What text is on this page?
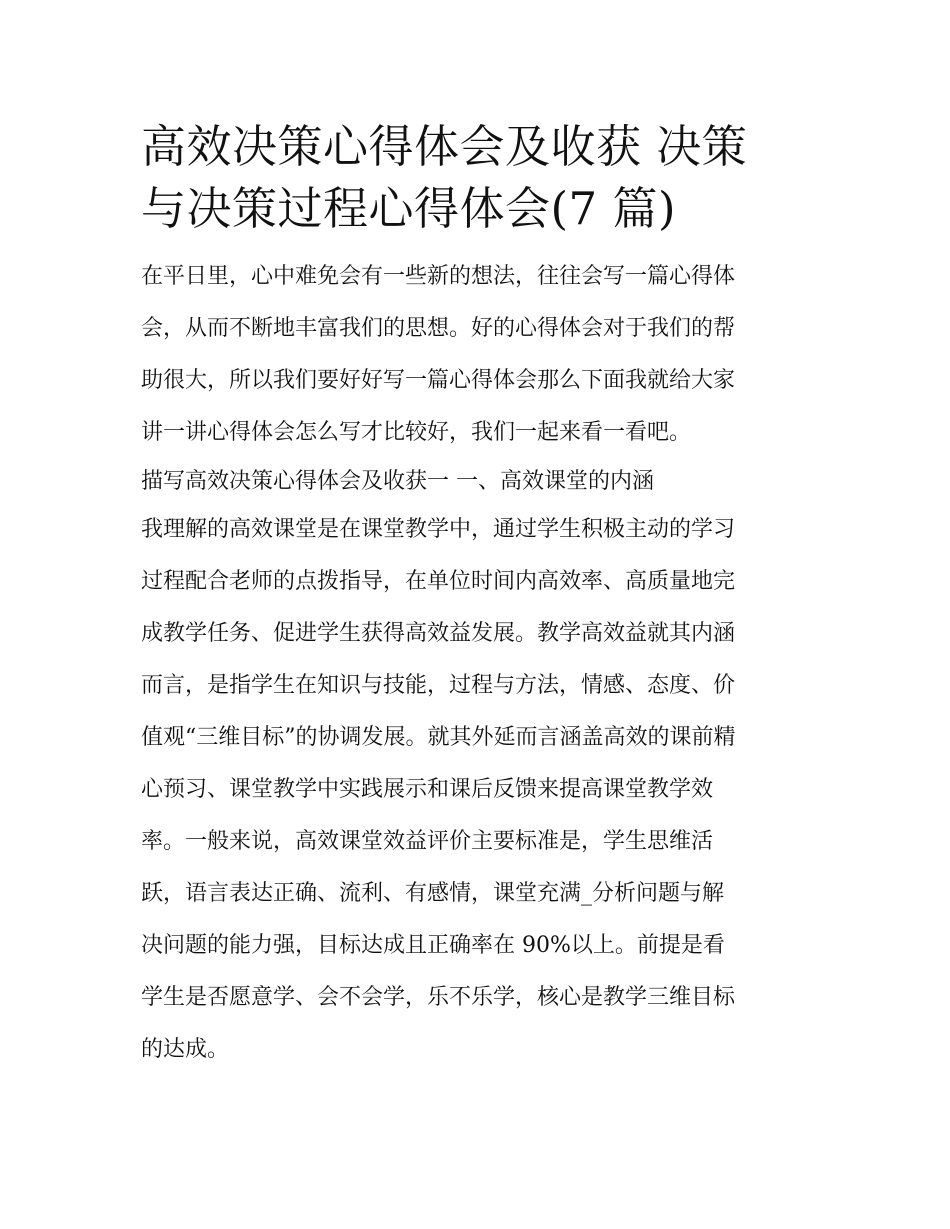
高效决策心得体会及收获 决策
与决策过程心得体会(7 篇)
在平日里，心中难免会有一些新的想法，往往会写一篇心得体
会，从而不断地丰富我们的思想。好的心得体会对于我们的帮
助很大，所以我们要好好写一篇心得体会那么下面我就给大家
讲一讲心得体会怎么写才比较好，我们一起来看一看吧。
描写高效决策心得体会及收获一 一、高效课堂的内涵
我理解的高效课堂是在课堂教学中，通过学生积极主动的学习
过程配合老师的点拨指导，在单位时间内高效率、高质量地完
成教学任务、促进学生获得高效益发展。教学高效益就其内涵
而言，是指学生在知识与技能，过程与方法，情感、态度、价
值观“三维目标”的协调发展。就其外延而言涵盖高效的课前精
心预习、课堂教学中实践展示和课后反馈来提高课堂教学效
率。一般来说，高效课堂效益评价主要标准是，学生思维活
跃，语言表达正确、流利、有感情，课堂充满_分析问题与解
决问题的能力强，目标达成且正确率在 90%以上。前提是看
学生是否愿意学、会不会学，乐不乐学，核心是教学三维目标
的达成。
